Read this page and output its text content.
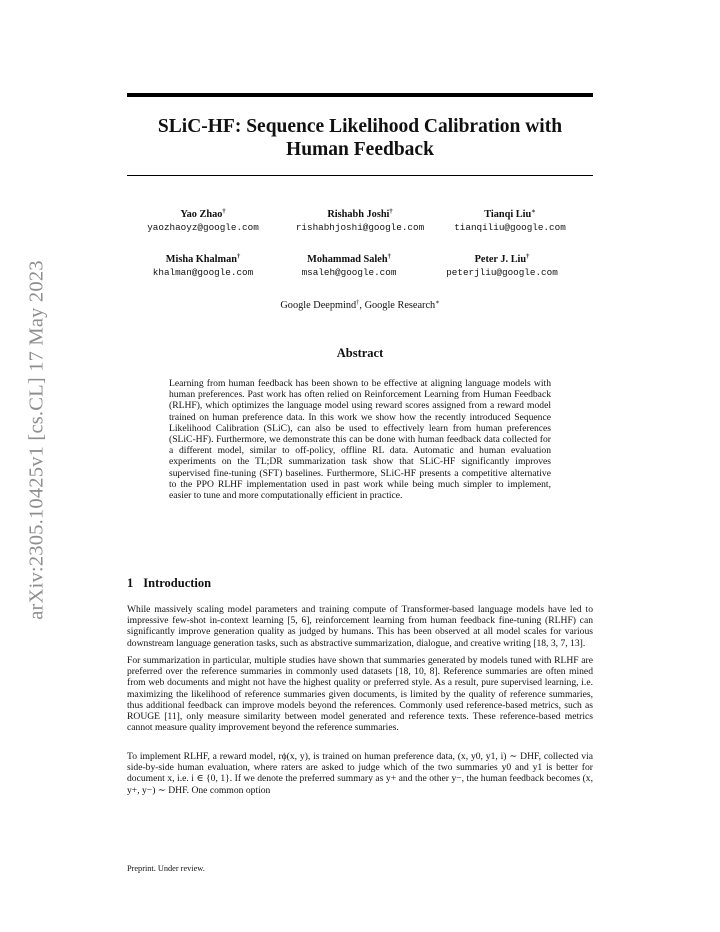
arXiv:2305.10425v1 [cs.CL] 17 May 2023
SLiC-HF: Sequence Likelihood Calibration with
Human Feedback
Yao Zhao†
yaozhaoyz@google.com
Rishabh Joshi†
rishabhjoshi@google.com
Tianqi Liu∗
tianqiliu@google.com
Misha Khalman†
khalman@google.com
Mohammad Saleh†
msaleh@google.com
Peter J. Liu†
peterjliu@google.com
Google Deepmind†, Google Research∗
Abstract
Learning from human feedback has been shown to be effective at aligning language models with human preferences. Past work has often relied on Reinforcement Learning from Human Feedback (RLHF), which optimizes the language model using reward scores assigned from a reward model trained on human preference data. In this work we show how the recently introduced Sequence Likelihood Calibration (SLiC), can also be used to effectively learn from human preferences (SLiC-HF). Furthermore, we demonstrate this can be done with human feedback data collected for a different model, similar to off-policy, offline RL data. Automatic and human evaluation experiments on the TL;DR summarization task show that SLiC-HF significantly improves supervised fine-tuning (SFT) baselines. Furthermore, SLiC-HF presents a competitive alternative to the PPO RLHF implementation used in past work while being much simpler to implement, easier to tune and more computationally efficient in practice.
1 Introduction
While massively scaling model parameters and training compute of Transformer-based language models have led to impressive few-shot in-context learning [5, 6], reinforcement learning from human feedback fine-tuning (RLHF) can significantly improve generation quality as judged by humans. This has been observed at all model scales for various downstream language generation tasks, such as abstractive summarization, dialogue, and creative writing [18, 3, 7, 13].
For summarization in particular, multiple studies have shown that summaries generated by models tuned with RLHF are preferred over the reference summaries in commonly used datasets [18, 10, 8]. Reference summaries are often mined from web documents and might not have the highest quality or preferred style. As a result, pure supervised learning, i.e. maximizing the likelihood of reference summaries given documents, is limited by the quality of reference summaries, thus additional feedback can improve models beyond the references. Commonly used reference-based metrics, such as ROUGE [11], only measure similarity between model generated and reference texts. These reference-based metrics cannot measure quality improvement beyond the reference summaries.
To implement RLHF, a reward model, rϕ(x, y), is trained on human preference data, (x, y0, y1, i) ∼ DHF, collected via side-by-side human evaluation, where raters are asked to judge which of the two summaries y0 and y1 is better for document x, i.e. i ∈ {0, 1}. If we denote the preferred summary as y+ and the other y−, the human feedback becomes (x, y+, y−) ∼ DHF. One common option
Preprint. Under review.
